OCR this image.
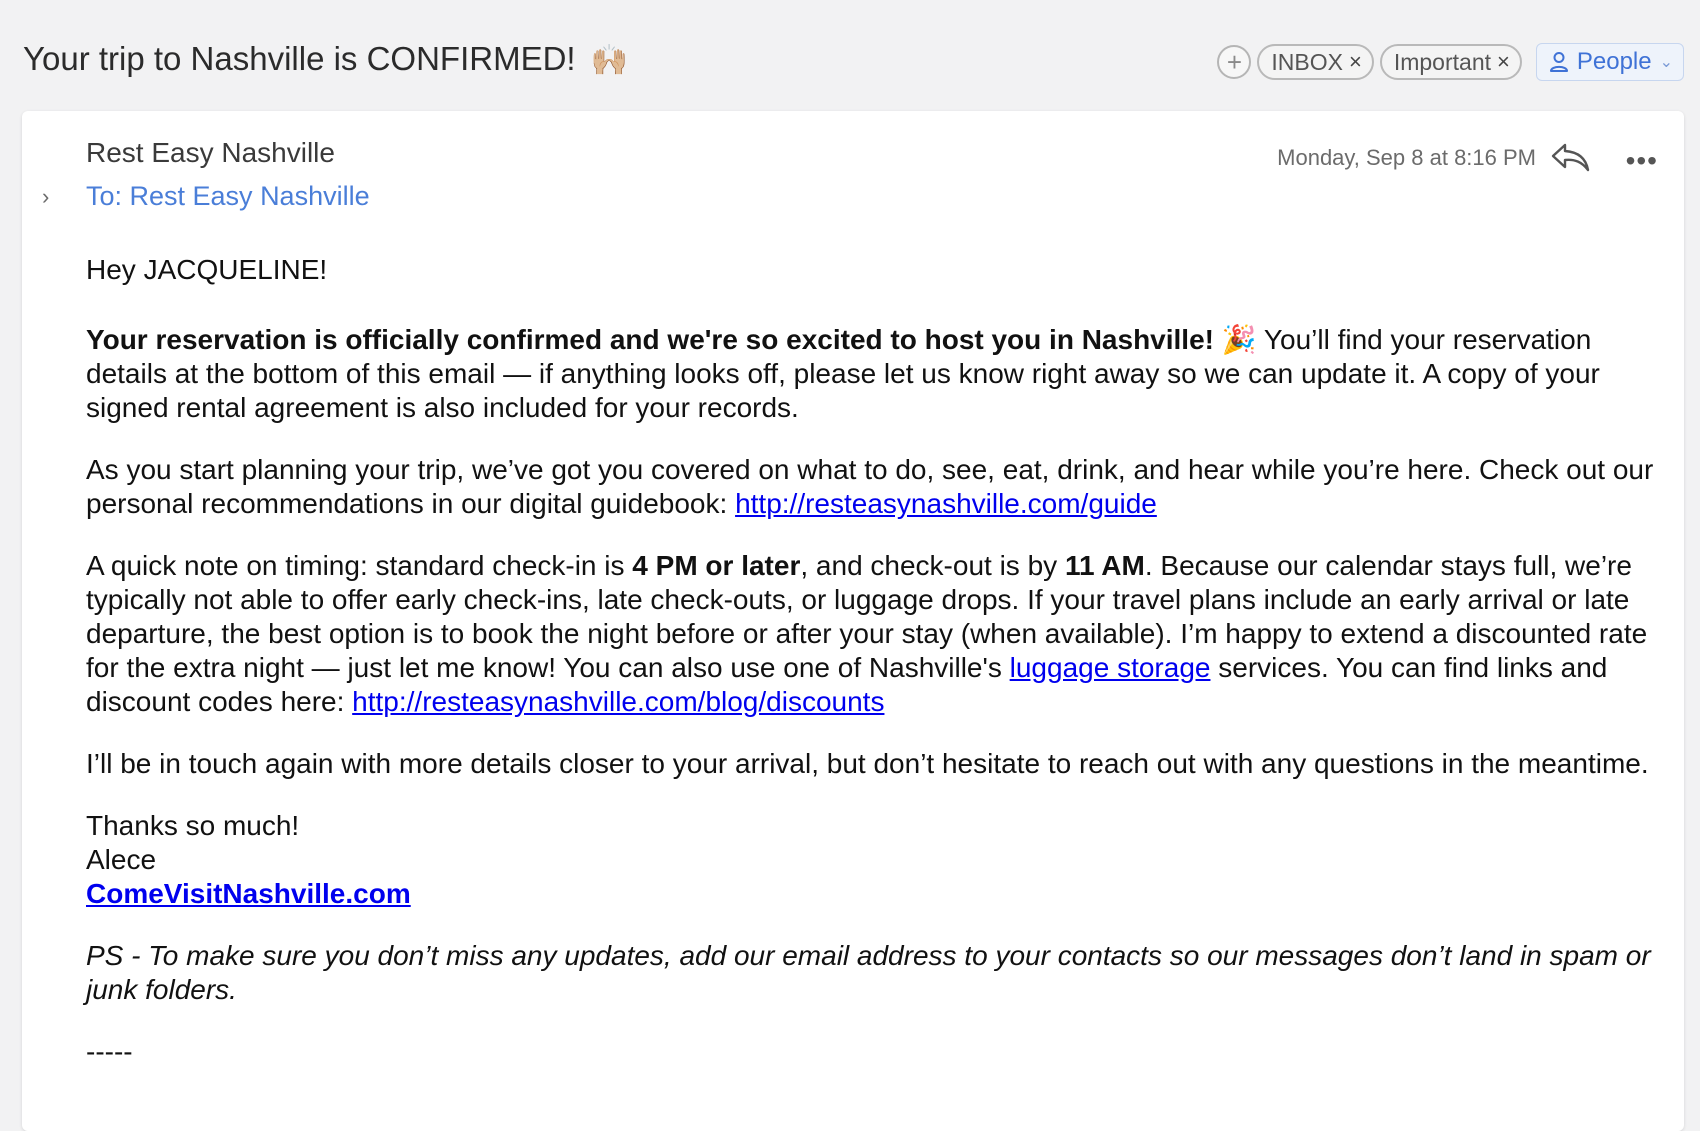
Your trip to Nashville is CONFIRMED! 🙌🏼	+	INBOX × Important ×	People ⌄
Rest Easy Nashville
›	To: Rest Easy Nashville
Monday, Sep 8 at 8:16 PM	•••

Hey JACQUELINE!

Your reservation is officially confirmed and we're so excited to host you in Nashville! 🎉 You’ll find your reservation details at the bottom of this email — if anything looks off, please let us know right away so we can update it. A copy of your signed rental agreement is also included for your records.

As you start planning your trip, we’ve got you covered on what to do, see, eat, drink, and hear while you’re here. Check out our personal recommendations in our digital guidebook: http://resteasynashville.com/guide

A quick note on timing: standard check-in is 4 PM or later, and check-out is by 11 AM. Because our calendar stays full, we’re typically not able to offer early check-ins, late check-outs, or luggage drops. If your travel plans include an early arrival or late departure, the best option is to book the night before or after your stay (when available). I’m happy to extend a discounted rate for the extra night — just let me know! You can also use one of Nashville's luggage storage services. You can find links and discount codes here: http://resteasynashville.com/blog/discounts

I’ll be in touch again with more details closer to your arrival, but don’t hesitate to reach out with any questions in the meantime.

Thanks so much!
Alece
ComeVisitNashville.com

PS - To make sure you don’t miss any updates, add our email address to your contacts so our messages don’t land in spam or junk folders.

-----
